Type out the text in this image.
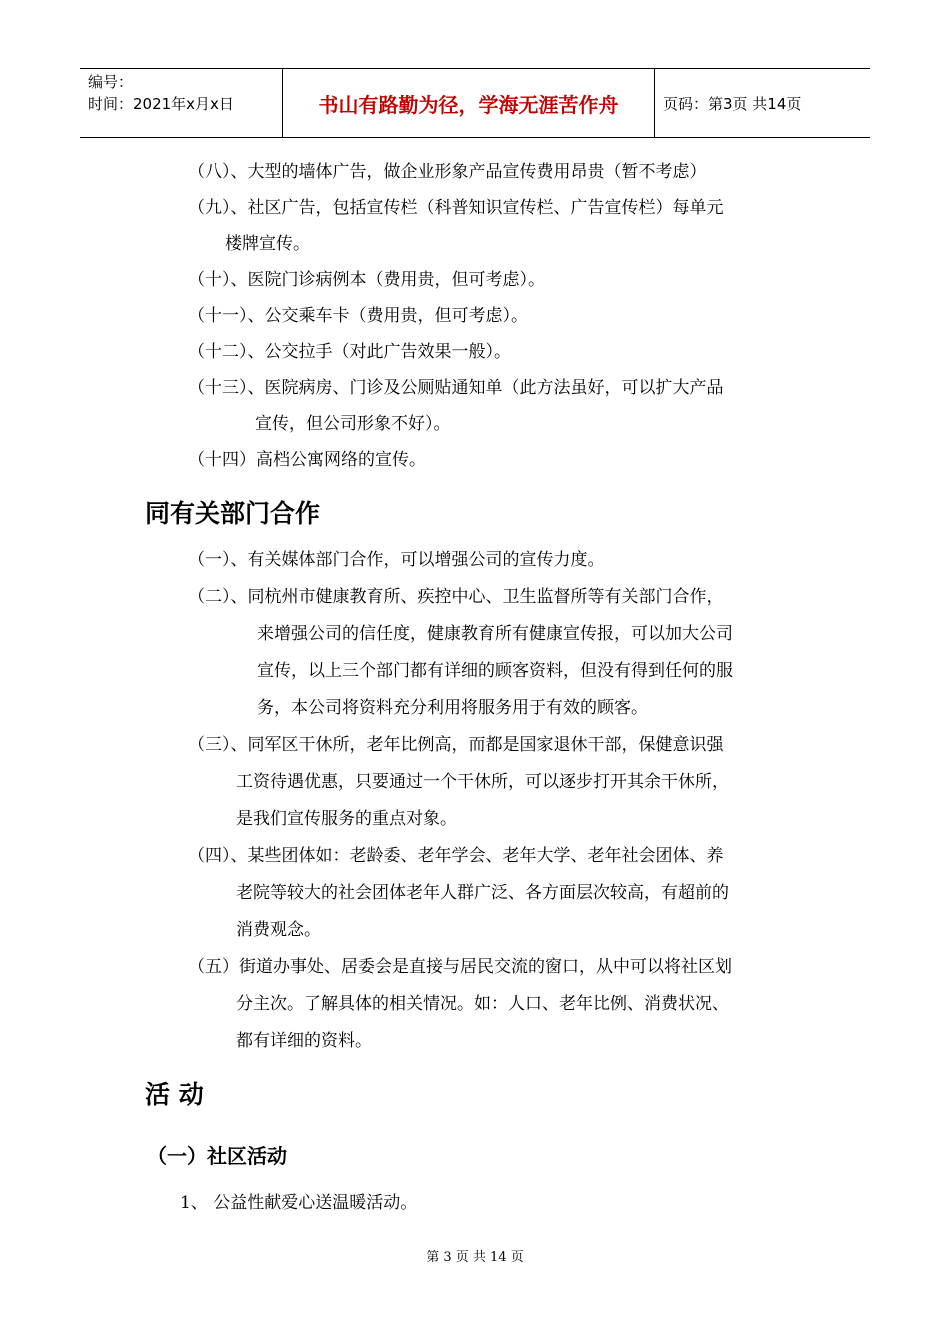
编号：
时间：2021年x月x日	书山有路勤为径，学海无涯苦作舟	页码：第3页 共14页
（八）、大型的墙体广告，做企业形象产品宣传费用昂贵（暂不考虑）
（九）、社区广告，包括宣传栏（科普知识宣传栏、广告宣传栏）每单元
楼牌宣传。
（十）、医院门诊病例本（费用贵，但可考虑）。
（十一）、公交乘车卡（费用贵，但可考虑）。
（十二）、公交拉手（对此广告效果一般）。
（十三）、医院病房、门诊及公厕贴通知单（此方法虽好，可以扩大产品
宣传，但公司形象不好）。
（十四）高档公寓网络的宣传。
同有关部门合作
（一）、有关媒体部门合作，可以增强公司的宣传力度。
（二）、同杭州市健康教育所、疾控中心、卫生监督所等有关部门合作，
来增强公司的信任度，健康教育所有健康宣传报，可以加大公司
宣传，以上三个部门都有详细的顾客资料，但没有得到任何的服
务，本公司将资料充分利用将服务用于有效的顾客。
（三）、同军区干休所，老年比例高，而都是国家退休干部，保健意识强
工资待遇优惠，只要通过一个干休所，可以逐步打开其余干休所，
是我们宣传服务的重点对象。
（四）、某些团体如：老龄委、老年学会、老年大学、老年社会团体、养
老院等较大的社会团体老年人群广泛、各方面层次较高，有超前的
消费观念。
（五）街道办事处、居委会是直接与居民交流的窗口，从中可以将社区划
分主次。了解具体的相关情况。如：人口、老年比例、消费状况、
都有详细的资料。
活 动
（一）社区活动
1、 公益性献爱心送温暖活动。
第 3 页 共 14 页
